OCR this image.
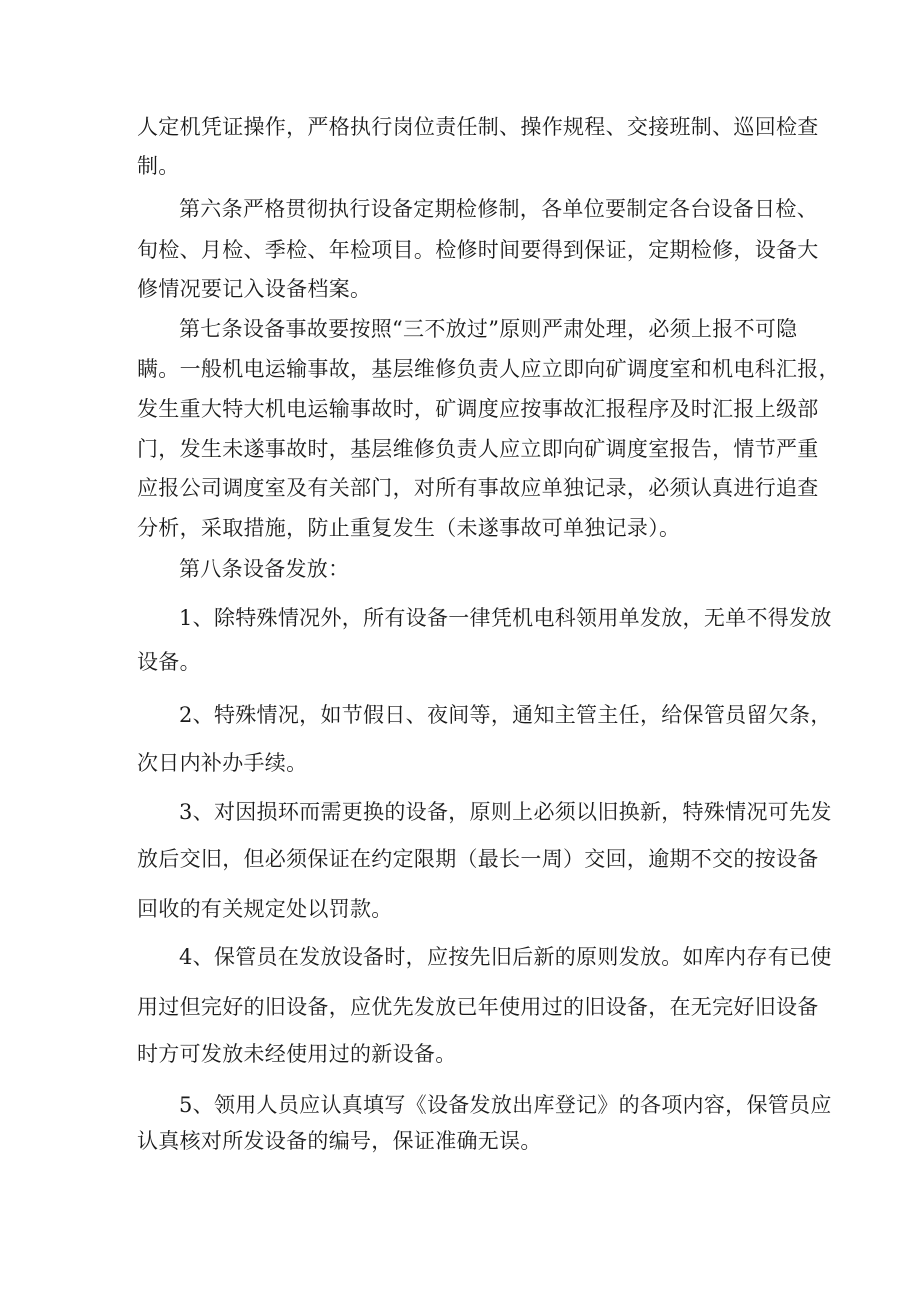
人定机凭证操作，严格执行岗位责任制、操作规程、交接班制、巡回检查
制。
第六条严格贯彻执行设备定期检修制，各单位要制定各台设备日检、
旬检、月检、季检、年检项目。检修时间要得到保证，定期检修，设备大
修情况要记入设备档案。
第七条设备事故要按照“三不放过”原则严肃处理，必须上报不可隐
瞒。一般机电运输事故，基层维修负责人应立即向矿调度室和机电科汇报，
发生重大特大机电运输事故时，矿调度应按事故汇报程序及时汇报上级部
门，发生未遂事故时，基层维修负责人应立即向矿调度室报告，情节严重
应报公司调度室及有关部门，对所有事故应单独记录，必须认真进行追查
分析，采取措施，防止重复发生（未遂事故可单独记录）。
第八条设备发放：
1、除特殊情况外，所有设备一律凭机电科领用单发放，无单不得发放
设备。
2、特殊情况，如节假日、夜间等，通知主管主任，给保管员留欠条，
次日内补办手续。
3、对因损环而需更换的设备，原则上必须以旧换新，特殊情况可先发
放后交旧，但必须保证在约定限期（最长一周）交回，逾期不交的按设备
回收的有关规定处以罚款。
4、保管员在发放设备时，应按先旧后新的原则发放。如库内存有已使
用过但完好的旧设备，应优先发放已年使用过的旧设备，在无完好旧设备
时方可发放未经使用过的新设备。
5、领用人员应认真填写《设备发放出库登记》的各项内容，保管员应
认真核对所发设备的编号，保证准确无误。
